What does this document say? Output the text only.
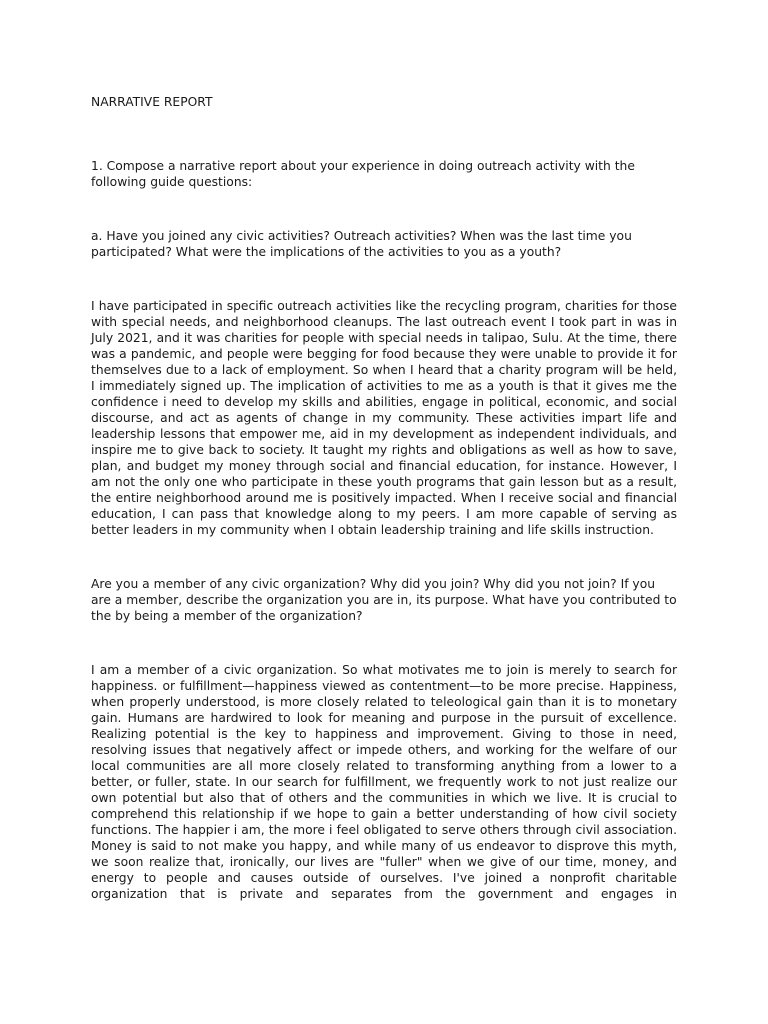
NARRATIVE REPORT

1. Compose a narrative report about your experience in doing outreach activity with the following guide questions:

a. Have you joined any civic activities? Outreach activities? When was the last time you participated? What were the implications of the activities to you as a youth?

I have participated in specific outreach activities like the recycling program, charities for those with special needs, and neighborhood cleanups. The last outreach event I took part in was in July 2021, and it was charities for people with special needs in talipao, Sulu. At the time, there was a pandemic, and people were begging for food because they were unable to provide it for themselves due to a lack of employment. So when I heard that a charity program will be held, I immediately signed up. The implication of activities to me as a youth is that it gives me the confidence i need to develop my skills and abilities, engage in political, economic, and social discourse, and act as agents of change in my community. These activities impart life and leadership lessons that empower me, aid in my development as independent individuals, and inspire me to give back to society. It taught my rights and obligations as well as how to save, plan, and budget my money through social and financial education, for instance. However, I am not the only one who participate in these youth programs that gain lesson but as a result, the entire neighborhood around me is positively impacted. When I receive social and financial education, I can pass that knowledge along to my peers. I am more capable of serving as better leaders in my community when I obtain leadership training and life skills instruction.

Are you a member of any civic organization? Why did you join? Why did you not join? If you are a member, describe the organization you are in, its purpose. What have you contributed to the by being a member of the organization?

I am a member of a civic organization. So what motivates me to join is merely to search for happiness. or fulfillment—happiness viewed as contentment—to be more precise. Happiness, when properly understood, is more closely related to teleological gain than it is to monetary gain. Humans are hardwired to look for meaning and purpose in the pursuit of excellence. Realizing potential is the key to happiness and improvement. Giving to those in need, resolving issues that negatively affect or impede others, and working for the welfare of our local communities are all more closely related to transforming anything from a lower to a better, or fuller, state. In our search for fulfillment, we frequently work to not just realize our own potential but also that of others and the communities in which we live. It is crucial to comprehend this relationship if we hope to gain a better understanding of how civil society functions. The happier i am, the more i feel obligated to serve others through civil association. Money is said to not make you happy, and while many of us endeavor to disprove this myth, we soon realize that, ironically, our lives are "fuller" when we give of our time, money, and energy to people and causes outside of ourselves. I've joined a nonprofit charitable organization that is private and separates from the government and engages in
